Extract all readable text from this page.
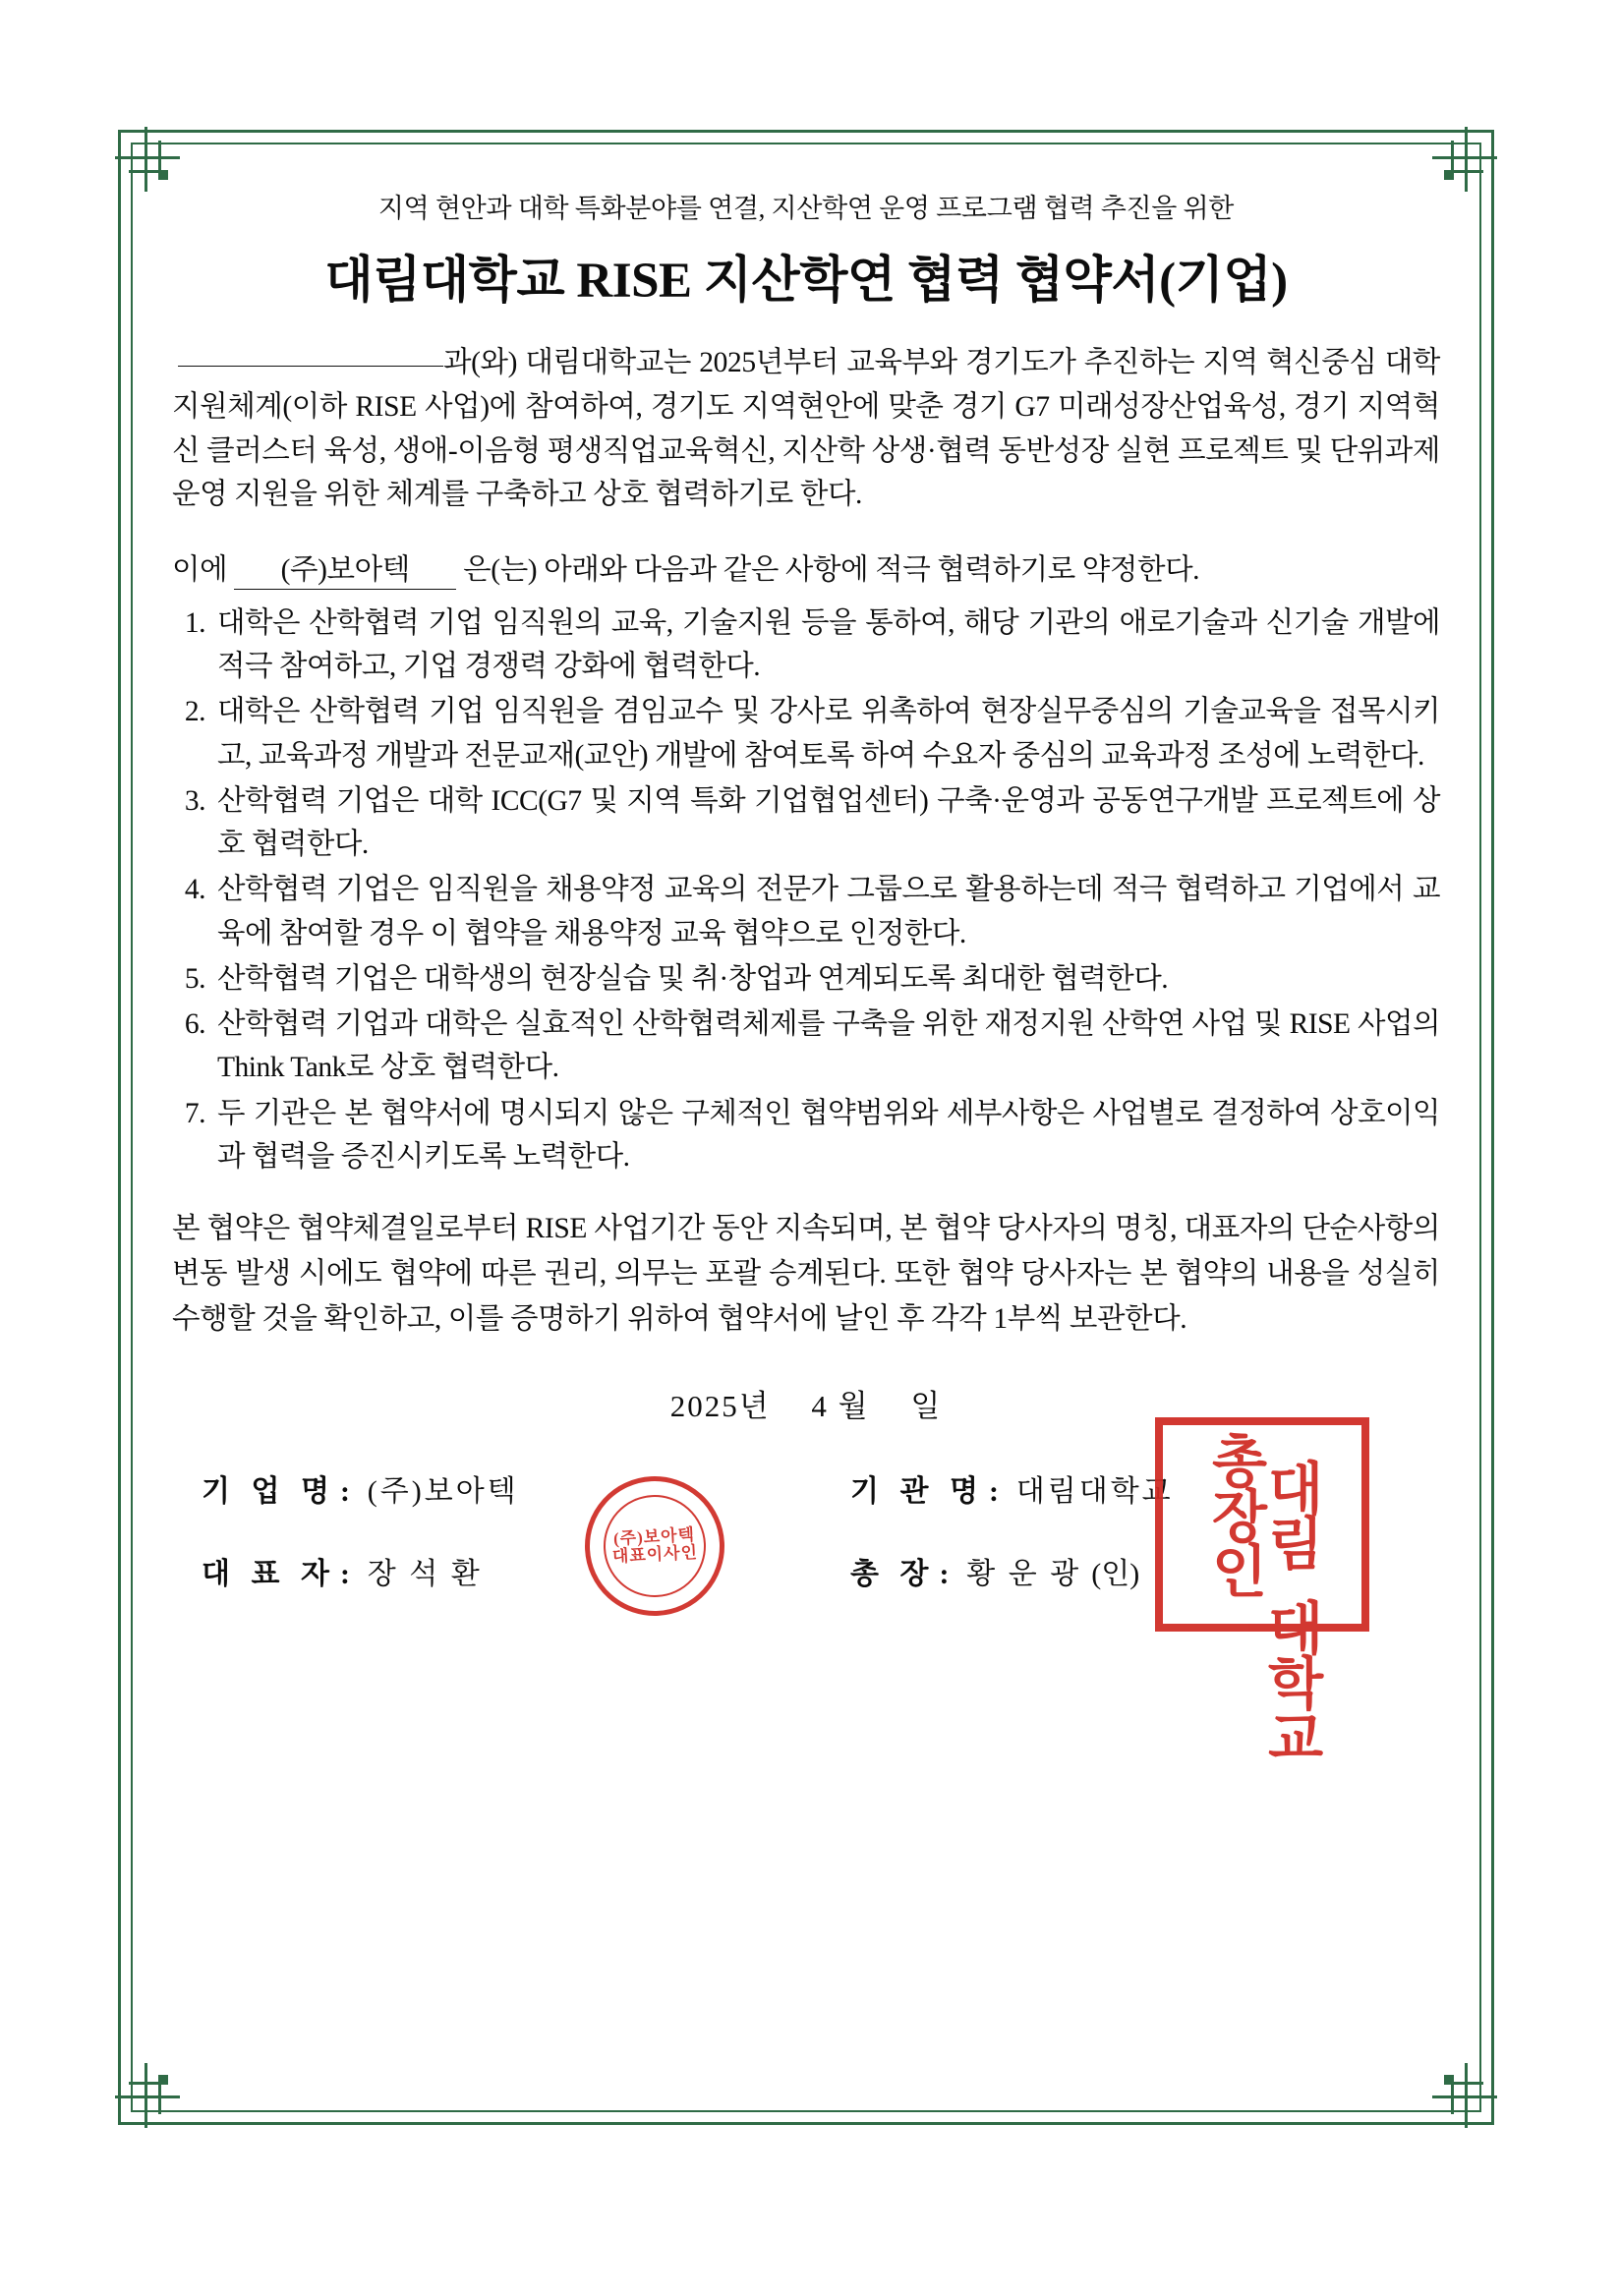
지역 현안과 대학 특화분야를 연결, 지산학연 운영 프로그램 협력 추진을 위한
대림대학교 RISE 지산학연 협력 협약서(기업)

과(와) 대림대학교는 2025년부터 교육부와 경기도가 추진하는 지역 혁신중심 대학지원체계(이하 RISE 사업)에 참여하여, 경기도 지역현안에 맞춘 경기 G7 미래성장산업육성, 경기 지역혁신 클러스터 육성, 생애-이음형 평생직업교육혁신, 지산학 상생·협력 동반성장 실현 프로젝트 및 단위과제 운영 지원을 위한 체계를 구축하고 상호 협력하기로 한다.

이에 (주)보아텍 은(는) 아래와 다음과 같은 사항에 적극 협력하기로 약정한다.
1. 대학은 산학협력 기업 임직원의 교육, 기술지원 등을 통하여, 해당 기관의 애로기술과 신기술 개발에 적극 참여하고, 기업 경쟁력 강화에 협력한다.
2. 대학은 산학협력 기업 임직원을 겸임교수 및 강사로 위촉하여 현장실무중심의 기술교육을 접목시키고, 교육과정 개발과 전문교재(교안) 개발에 참여토록 하여 수요자 중심의 교육과정 조성에 노력한다.
3. 산학협력 기업은 대학 ICC(G7 및 지역 특화 기업협업센터) 구축·운영과 공동연구개발 프로젝트에 상호 협력한다.
4. 산학협력 기업은 임직원을 채용약정 교육의 전문가 그룹으로 활용하는데 적극 협력하고 기업에서 교육에 참여할 경우 이 협약을 채용약정 교육 협약으로 인정한다.
5. 산학협력 기업은 대학생의 현장실습 및 취·창업과 연계되도록 최대한 협력한다.
6. 산학협력 기업과 대학은 실효적인 산학협력체제를 구축을 위한 재정지원 산학연 사업 및 RISE 사업의 Think Tank로 상호 협력한다.
7. 두 기관은 본 협약서에 명시되지 않은 구체적인 협약범위와 세부사항은 사업별로 결정하여 상호이익과 협력을 증진시키도록 노력한다.

본 협약은 협약체결일로부터 RISE 사업기간 동안 지속되며, 본 협약 당사자의 명칭, 대표자의 단순사항의 변동 발생 시에도 협약에 따른 권리, 의무는 포괄 승계된다. 또한 협약 당사자는 본 협약의 내용을 성실히 수행할 것을 확인하고, 이를 증명하기 위하여 협약서에 날인 후 각각 1부씩 보관한다.

2025년 4 월 일
기 업 명 : (주)보아텍
대 표 자 : 장 석 환
기 관 명 : 대림대학교
총 장 : 황 운 광 (인)
(주)보아텍 대표이사인	대림
대학교
총장인
